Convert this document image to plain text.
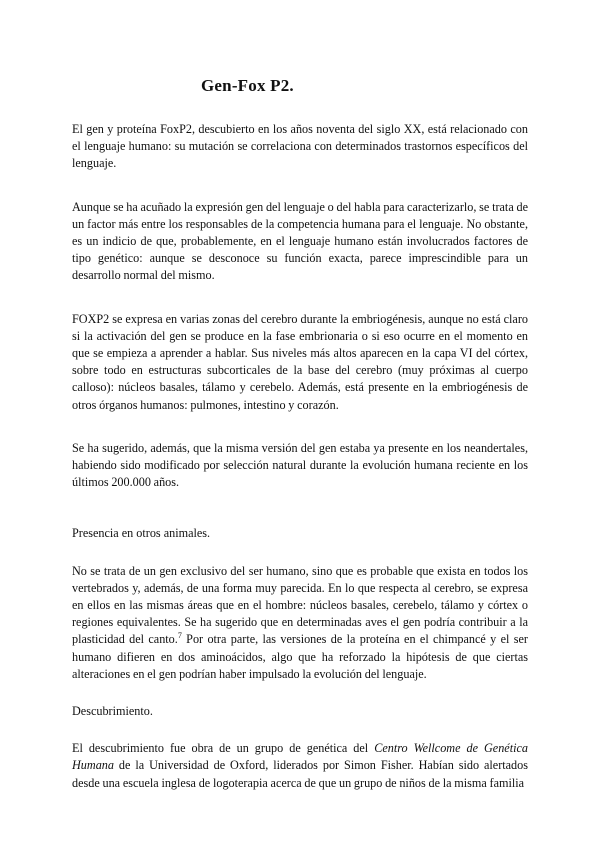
Gen-Fox P2.

El gen y proteína FoxP2, descubierto en los años noventa del siglo XX, está relacionado con el lenguaje humano: su mutación se correlaciona con determinados trastornos específicos del lenguaje.

Aunque se ha acuñado la expresión gen del lenguaje o del habla para caracterizarlo, se trata de un factor más entre los responsables de la competencia humana para el lenguaje. No obstante, es un indicio de que, probablemente, en el lenguaje humano están involucrados factores de tipo genético: aunque se desconoce su función exacta, parece imprescindible para un desarrollo normal del mismo.

FOXP2 se expresa en varias zonas del cerebro durante la embriogénesis, aunque no está claro si la activación del gen se produce en la fase embrionaria o si eso ocurre en el momento en que se empieza a aprender a hablar. Sus niveles más altos aparecen en la capa VI del córtex, sobre todo en estructuras subcorticales de la base del cerebro (muy próximas al cuerpo calloso): núcleos basales, tálamo y cerebelo. Además, está presente en la embriogénesis de otros órganos humanos: pulmones, intestino y corazón.

Se ha sugerido, además, que la misma versión del gen estaba ya presente en los neandertales, habiendo sido modificado por selección natural durante la evolución humana reciente en los últimos 200.000 años.

Presencia en otros animales.

No se trata de un gen exclusivo del ser humano, sino que es probable que exista en todos los vertebrados y, además, de una forma muy parecida. En lo que respecta al cerebro, se expresa en ellos en las mismas áreas que en el hombre: núcleos basales, cerebelo, tálamo y córtex o regiones equivalentes. Se ha sugerido que en determinadas aves el gen podría contribuir a la plasticidad del canto.$^7$ Por otra parte, las versiones de la proteína en el chimpancé y el ser humano difieren en dos aminoácidos, algo que ha reforzado la hipótesis de que ciertas alteraciones en el gen podrían haber impulsado la evolución del lenguaje.

Descubrimiento.

El descubrimiento fue obra de un grupo de genética del Centro Wellcome de Genética Humana de la Universidad de Oxford, liderados por Simon Fisher. Habían sido alertados desde una escuela inglesa de logoterapia acerca de que un grupo de niños de la misma familia
